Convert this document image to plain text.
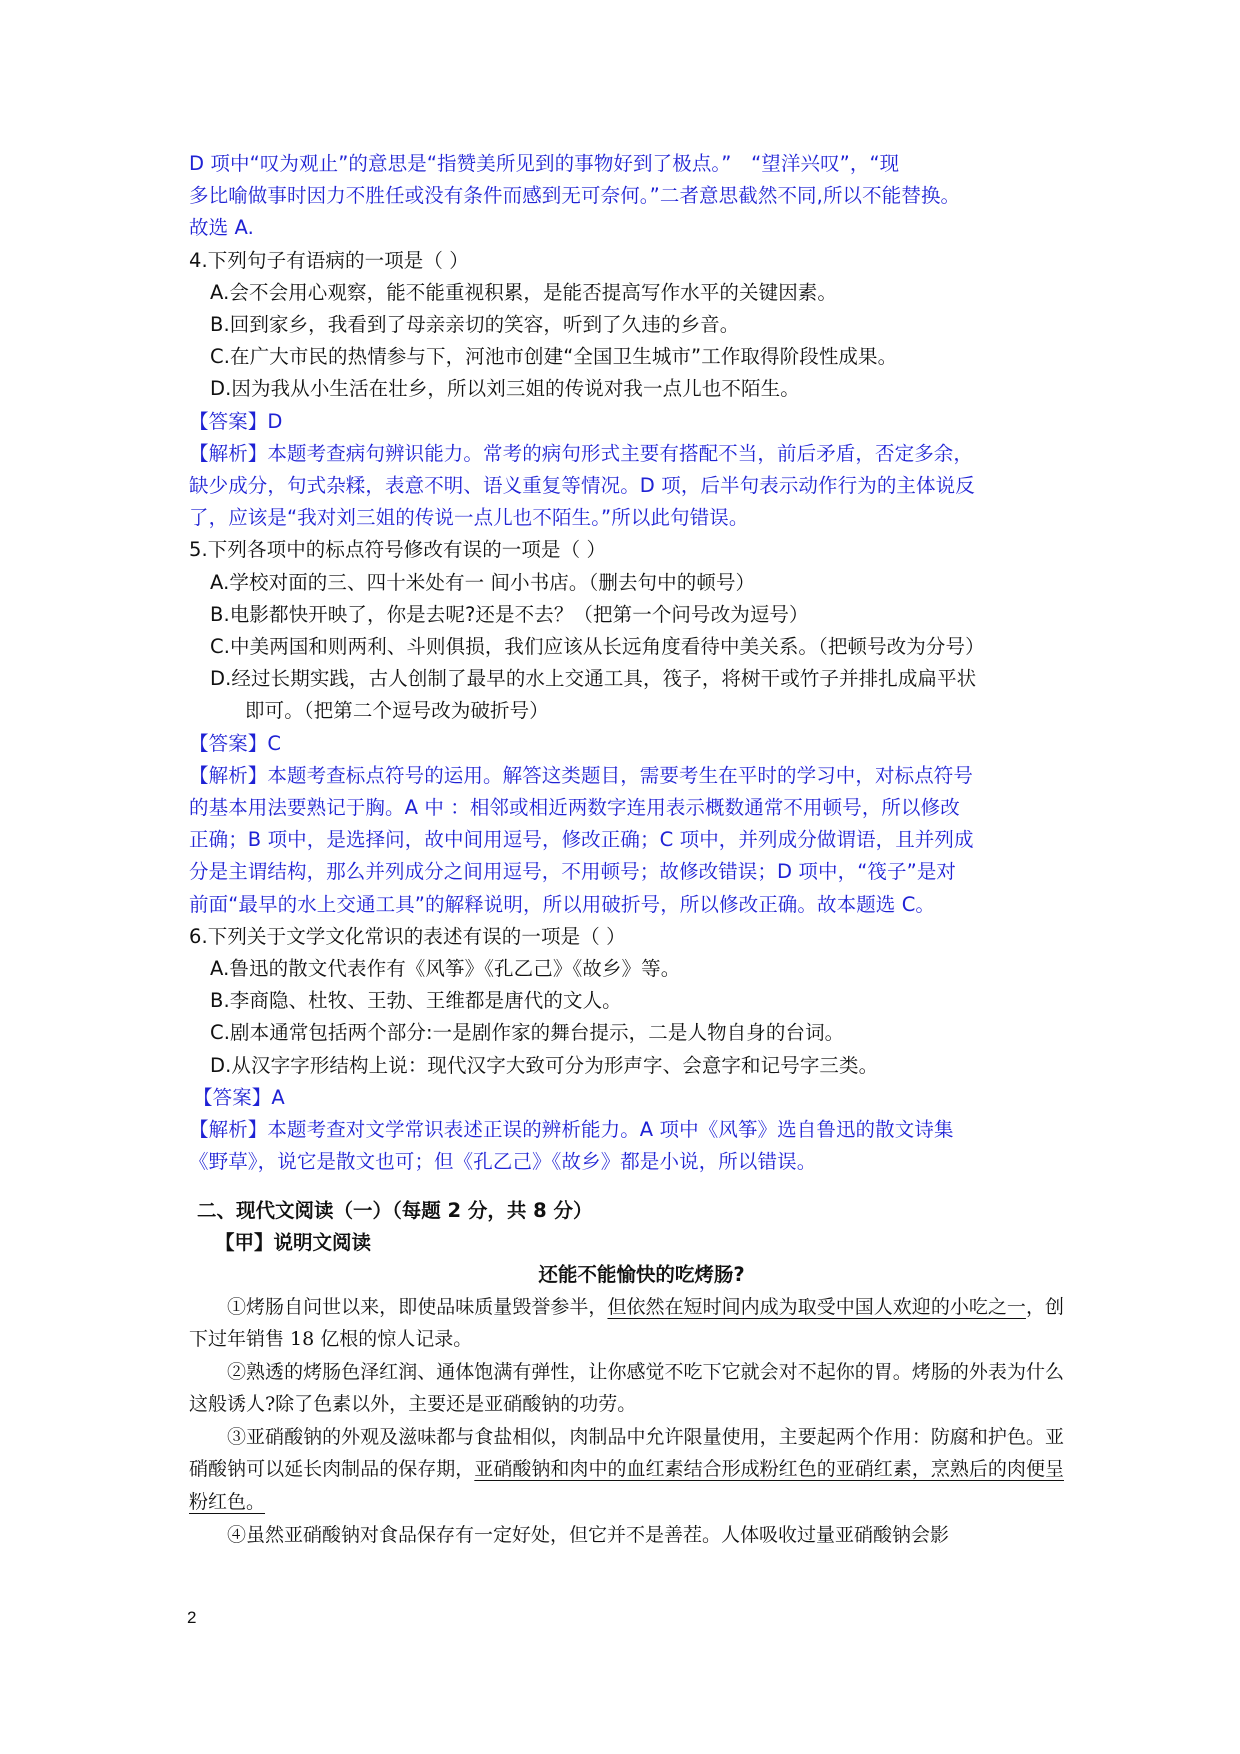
D 项中“叹为观止”的意思是“指赞美所见到的事物好到了极点。”　“望洋兴叹”，“现
多比喻做事时因力不胜任或没有条件而感到无可奈何。”二者意思截然不同,所以不能替换。
故选 A.
4.下列句子有语病的一项是（ ）
A.会不会用心观察，能不能重视积累，是能否提高写作水平的关键因素。
B.回到家乡，我看到了母亲亲切的笑容，听到了久违的乡音。
C.在广大市民的热情参与下，河池市创建“全国卫生城市”工作取得阶段性成果。
D.因为我从小生活在壮乡，所以刘三姐的传说对我一点儿也不陌生。
【答案】D
【解析】本题考查病句辨识能力。常考的病句形式主要有搭配不当，前后矛盾，否定多余，
缺少成分，句式杂糅，表意不明、语义重复等情况。D 项，后半句表示动作行为的主体说反
了，应该是“我对刘三姐的传说一点儿也不陌生。”所以此句错误。
5.下列各项中的标点符号修改有误的一项是（ ）
A.学校对面的三、四十米处有一 间小书店。（删去句中的顿号）
B.电影都快开映了，你是去呢?还是不去？（把第一个问号改为逗号）
C.中美两国和则两利、斗则俱损，我们应该从长远角度看待中美关系。（把顿号改为分号）
D.经过长期实践，古人创制了最早的水上交通工具，筏子，将树干或竹子并排扎成扁平状
即可。（把第二个逗号改为破折号）
【答案】C
【解析】本题考查标点符号的运用。解答这类题目，需要考生在平时的学习中，对标点符号
的基本用法要熟记于胸。A 中 ：相邻或相近两数字连用表示概数通常不用顿号，所以修改
正确；B 项中，是选择问，故中间用逗号，修改正确；C 项中，并列成分做谓语，且并列成
分是主谓结构，那么并列成分之间用逗号，不用顿号；故修改错误；D 项中，“筏子”是对
前面“最早的水上交通工具”的解释说明，所以用破折号，所以修改正确。故本题选 C。
6.下列关于文学文化常识的表述有误的一项是（ ）
A.鲁迅的散文代表作有《风筝》《孔乙己》《故乡》等。
B.李商隐、杜牧、王勃、王维都是唐代的文人。
C.剧本通常包括两个部分:一是剧作家的舞台提示，二是人物自身的台词。
D.从汉字字形结构上说：现代汉字大致可分为形声字、会意字和记号字三类。
【答案】A
【解析】本题考查对文学常识表述正误的辨析能力。A 项中《风筝》选自鲁迅的散文诗集
《野草》，说它是散文也可；但《孔乙己》《故乡》都是小说，所以错误。
二、现代文阅读（一）（每题 2 分，共 8 分）
【甲】说明文阅读
还能不能愉快的吃烤肠?
①烤肠自问世以来，即使品味质量毁誉参半，但依然在短时间内成为取受中国人欢迎的小吃之一，创下过年销售 18 亿根的惊人记录。
②熟透的烤肠色泽红润、通体饱满有弹性，让你感觉不吃下它就会对不起你的胃。烤肠的外表为什么这般诱人?除了色素以外，主要还是亚硝酸钠的功劳。
③亚硝酸钠的外观及滋味都与食盐相似，肉制品中允许限量使用，主要起两个作用：防腐和护色。亚硝酸钠可以延长肉制品的保存期，亚硝酸钠和肉中的血红素结合形成粉红色的亚硝红素，烹熟后的肉便呈粉红色。
④虽然亚硝酸钠对食品保存有一定好处，但它并不是善茬。人体吸收过量亚硝酸钠会影
2
